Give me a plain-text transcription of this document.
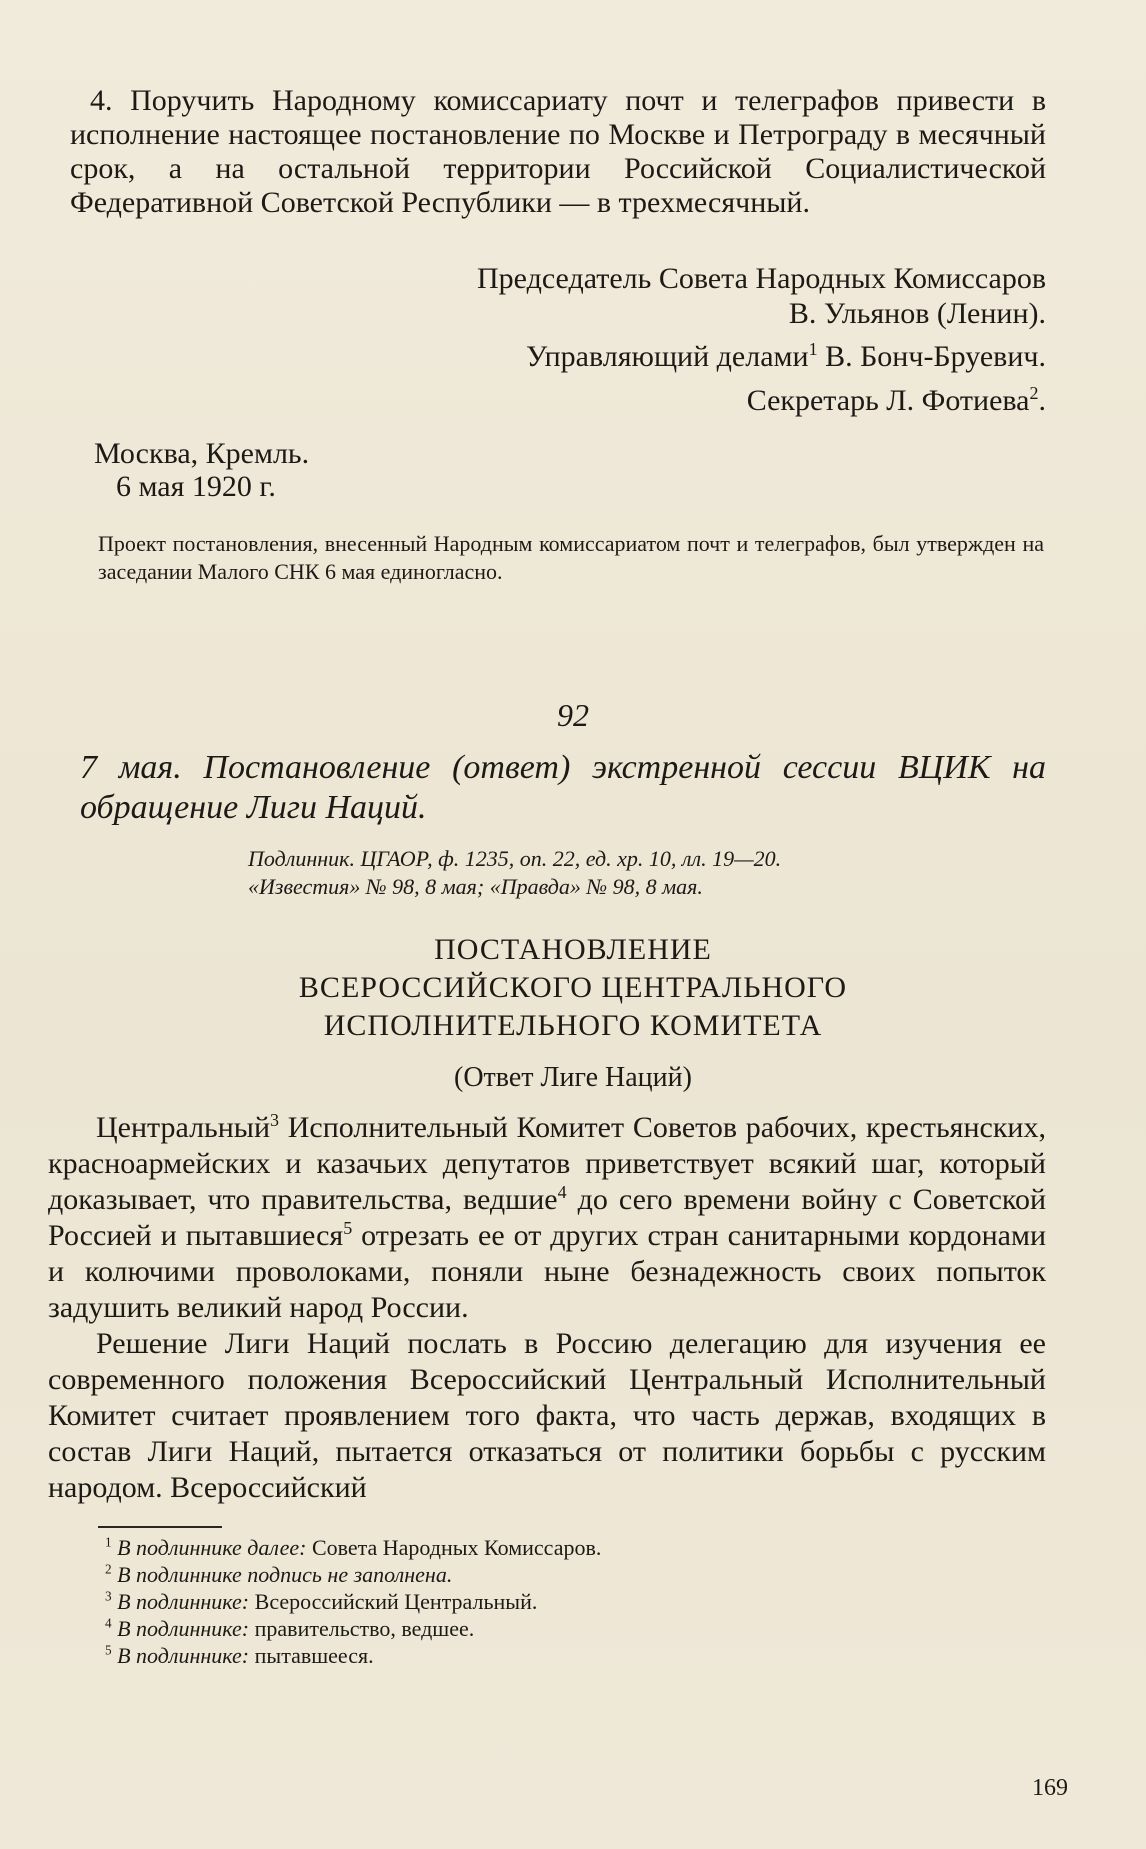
4. Поручить Народному комиссариату почт и телеграфов привести в исполнение настоящее постановление по Москве и Петрограду в месячный срок, а на остальной территории Российской Социалистической Федеративной Советской Республики — в трехмесячный.

Председатель Совета Народных Комиссаров
В. Ульянов (Ленин).
Управляющий делами$^1$ В. Бонч-Бруевич.
Секретарь Л. Фотиева$^2$.
Москва, Кремль.
6 мая 1920 г.

Проект постановления, внесенный Народным комиссариатом почт и телеграфов, был утвержден на заседании Малого СНК 6 мая единогласно.

92

7 мая. Постановление (ответ) экстренной сессии ВЦИК на обращение Лиги Наций.

Подлинник. ЦГАОР, ф. 1235, оп. 22, ед. хр. 10, лл. 19—20.
«Известия» № 98, 8 мая; «Правда» № 98, 8 мая.
ПОСТАНОВЛЕНИЕ
ВСЕРОССИЙСКОГО ЦЕНТРАЛЬНОГО
ИСПОЛНИТЕЛЬНОГО КОМИТЕТА
(Ответ Лиге Наций)

Центральный$^3$ Исполнительный Комитет Советов рабочих, крестьянских, красноармейских и казачьих депутатов приветствует всякий шаг, который доказывает, что правительства, ведшие$^4$ до сего времени войну с Советской Россией и пытавшиеся$^5$ отрезать ее от других стран санитарными кордонами и колючими проволоками, поняли ныне безнадежность своих попыток задушить великий народ России.

Решение Лиги Наций послать в Россию делегацию для изучения ее современного положения Всероссийский Центральный Исполнительный Комитет считает проявлением того факта, что часть держав, входящих в состав Лиги Наций, пытается отказаться от политики борьбы с русским народом. Всероссийский

$^1$ В подлиннике далее: Совета Народных Комиссаров.
$^2$ В подлиннике подпись не заполнена.
$^3$ В подлиннике: Всероссийский Центральный.
$^4$ В подлиннике: правительство, ведшее.
$^5$ В подлиннике: пытавшееся.
169
